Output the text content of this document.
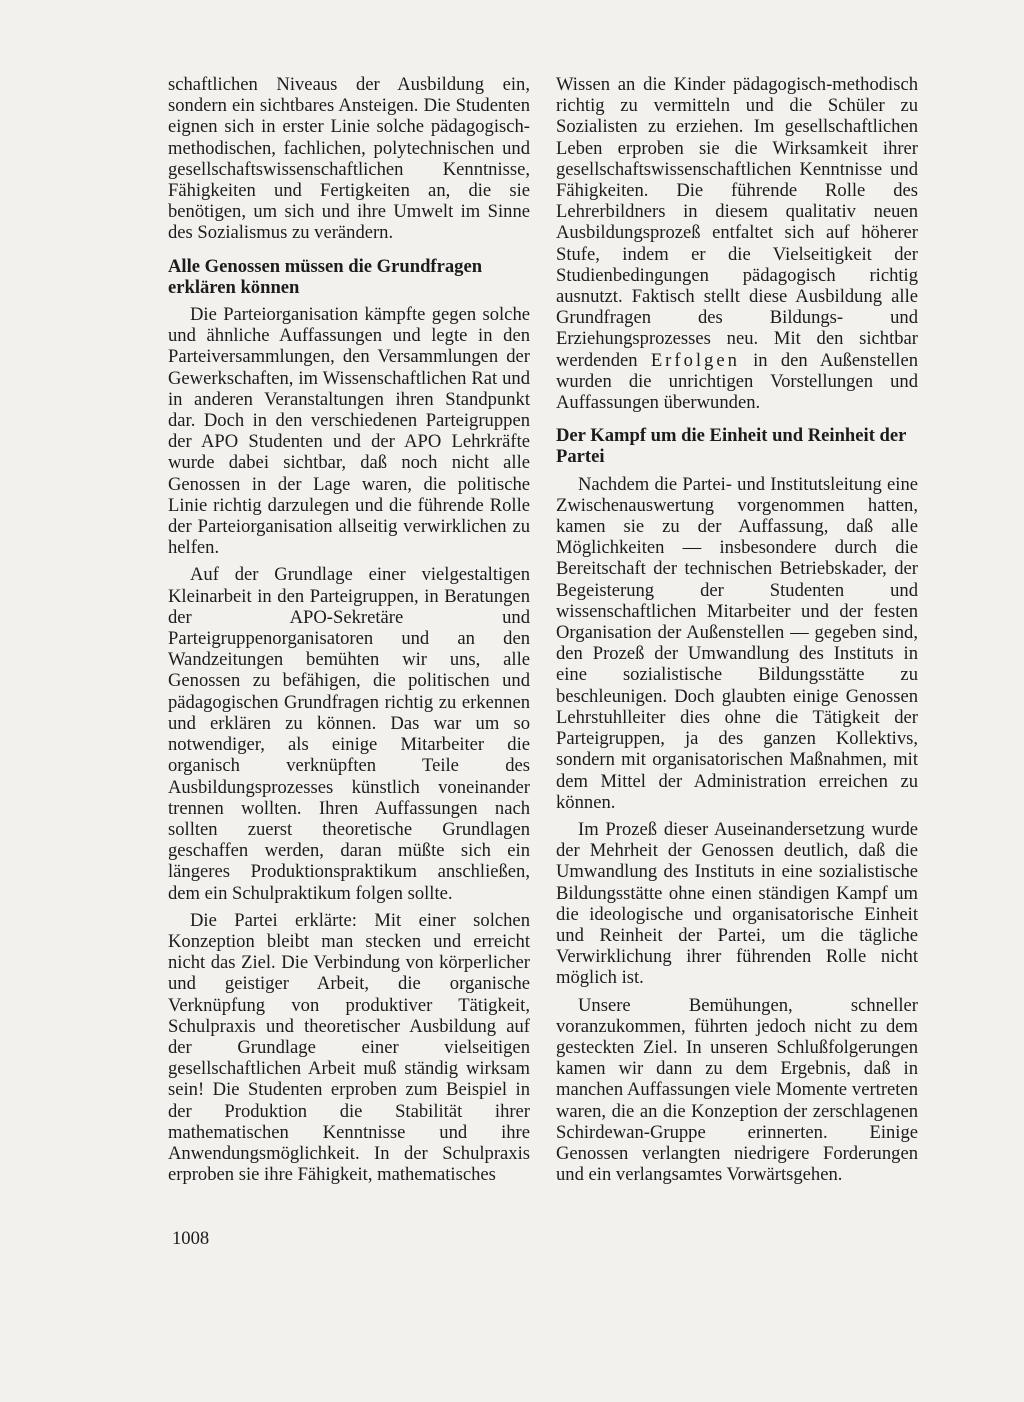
schaftlichen Niveaus der Ausbildung ein, sondern ein sichtbares Ansteigen. Die Studenten eignen sich in erster Linie solche pädagogisch-methodischen, fachlichen, polytechnischen und gesellschaftswissenschaftlichen Kenntnisse, Fähigkeiten und Fertigkeiten an, die sie benötigen, um sich und ihre Umwelt im Sinne des Sozialismus zu verändern.

Alle Genossen müssen die Grundfragen erklären können

Die Parteiorganisation kämpfte gegen solche und ähnliche Auffassungen und legte in den Parteiversammlungen, den Versammlungen der Gewerkschaften, im Wissenschaftlichen Rat und in anderen Veranstaltungen ihren Standpunkt dar. Doch in den verschiedenen Parteigruppen der APO Studenten und der APO Lehrkräfte wurde dabei sichtbar, daß noch nicht alle Genossen in der Lage waren, die politische Linie richtig darzulegen und die führende Rolle der Parteiorganisation allseitig verwirklichen zu helfen.

Auf der Grundlage einer vielgestaltigen Kleinarbeit in den Parteigruppen, in Beratungen der APO-Sekretäre und Parteigruppenorganisatoren und an den Wandzeitungen bemühten wir uns, alle Genossen zu befähigen, die politischen und pädagogischen Grundfragen richtig zu erkennen und erklären zu können. Das war um so notwendiger, als einige Mitarbeiter die organisch verknüpften Teile des Ausbildungsprozesses künstlich voneinander trennen wollten. Ihren Auffassungen nach sollten zuerst theoretische Grundlagen geschaffen werden, daran müßte sich ein längeres Produktionspraktikum anschließen, dem ein Schulpraktikum folgen sollte.

Die Partei erklärte: Mit einer solchen Konzeption bleibt man stecken und erreicht nicht das Ziel. Die Verbindung von körperlicher und geistiger Arbeit, die organische Verknüpfung von produktiver Tätigkeit, Schulpraxis und theoretischer Ausbildung auf der Grundlage einer vielseitigen gesellschaftlichen Arbeit muß ständig wirksam sein! Die Studenten erproben zum Beispiel in der Produktion die Stabilität ihrer mathematischen Kenntnisse und ihre Anwendungsmöglichkeit. In der Schulpraxis erproben sie ihre Fähigkeit, mathematisches

Wissen an die Kinder pädagogisch-methodisch richtig zu vermitteln und die Schüler zu Sozialisten zu erziehen. Im gesellschaftlichen Leben erproben sie die Wirksamkeit ihrer gesellschaftswissenschaftlichen Kenntnisse und Fähigkeiten. Die führende Rolle des Lehrerbildners in diesem qualitativ neuen Ausbildungsprozeß entfaltet sich auf höherer Stufe, indem er die Vielseitigkeit der Studienbedingungen pädagogisch richtig ausnutzt. Faktisch stellt diese Ausbildung alle Grundfragen des Bildungs- und Erziehungsprozesses neu. Mit den sichtbar werdenden Erfolgen in den Außenstellen wurden die unrichtigen Vorstellungen und Auffassungen überwunden.

Der Kampf um die Einheit und Reinheit der Partei

Nachdem die Partei- und Institutsleitung eine Zwischenauswertung vorgenommen hatten, kamen sie zu der Auffassung, daß alle Möglichkeiten — insbesondere durch die Bereitschaft der technischen Betriebskader, der Begeisterung der Studenten und wissenschaftlichen Mitarbeiter und der festen Organisation der Außenstellen — gegeben sind, den Prozeß der Umwandlung des Instituts in eine sozialistische Bildungsstätte zu beschleunigen. Doch glaubten einige Genossen Lehrstuhlleiter dies ohne die Tätigkeit der Parteigruppen, ja des ganzen Kollektivs, sondern mit organisatorischen Maßnahmen, mit dem Mittel der Administration erreichen zu können.

Im Prozeß dieser Auseinandersetzung wurde der Mehrheit der Genossen deutlich, daß die Umwandlung des Instituts in eine sozialistische Bildungsstätte ohne einen ständigen Kampf um die ideologische und organisatorische Einheit und Reinheit der Partei, um die tägliche Verwirklichung ihrer führenden Rolle nicht möglich ist.

Unsere Bemühungen, schneller voranzukommen, führten jedoch nicht zu dem gesteckten Ziel. In unseren Schlußfolgerungen kamen wir dann zu dem Ergebnis, daß in manchen Auffassungen viele Momente vertreten waren, die an die Konzeption der zerschlagenen Schirdewan-Gruppe erinnerten. Einige Genossen verlangten niedrigere Forderungen und ein verlangsamtes Vorwärtsgehen.

1008
